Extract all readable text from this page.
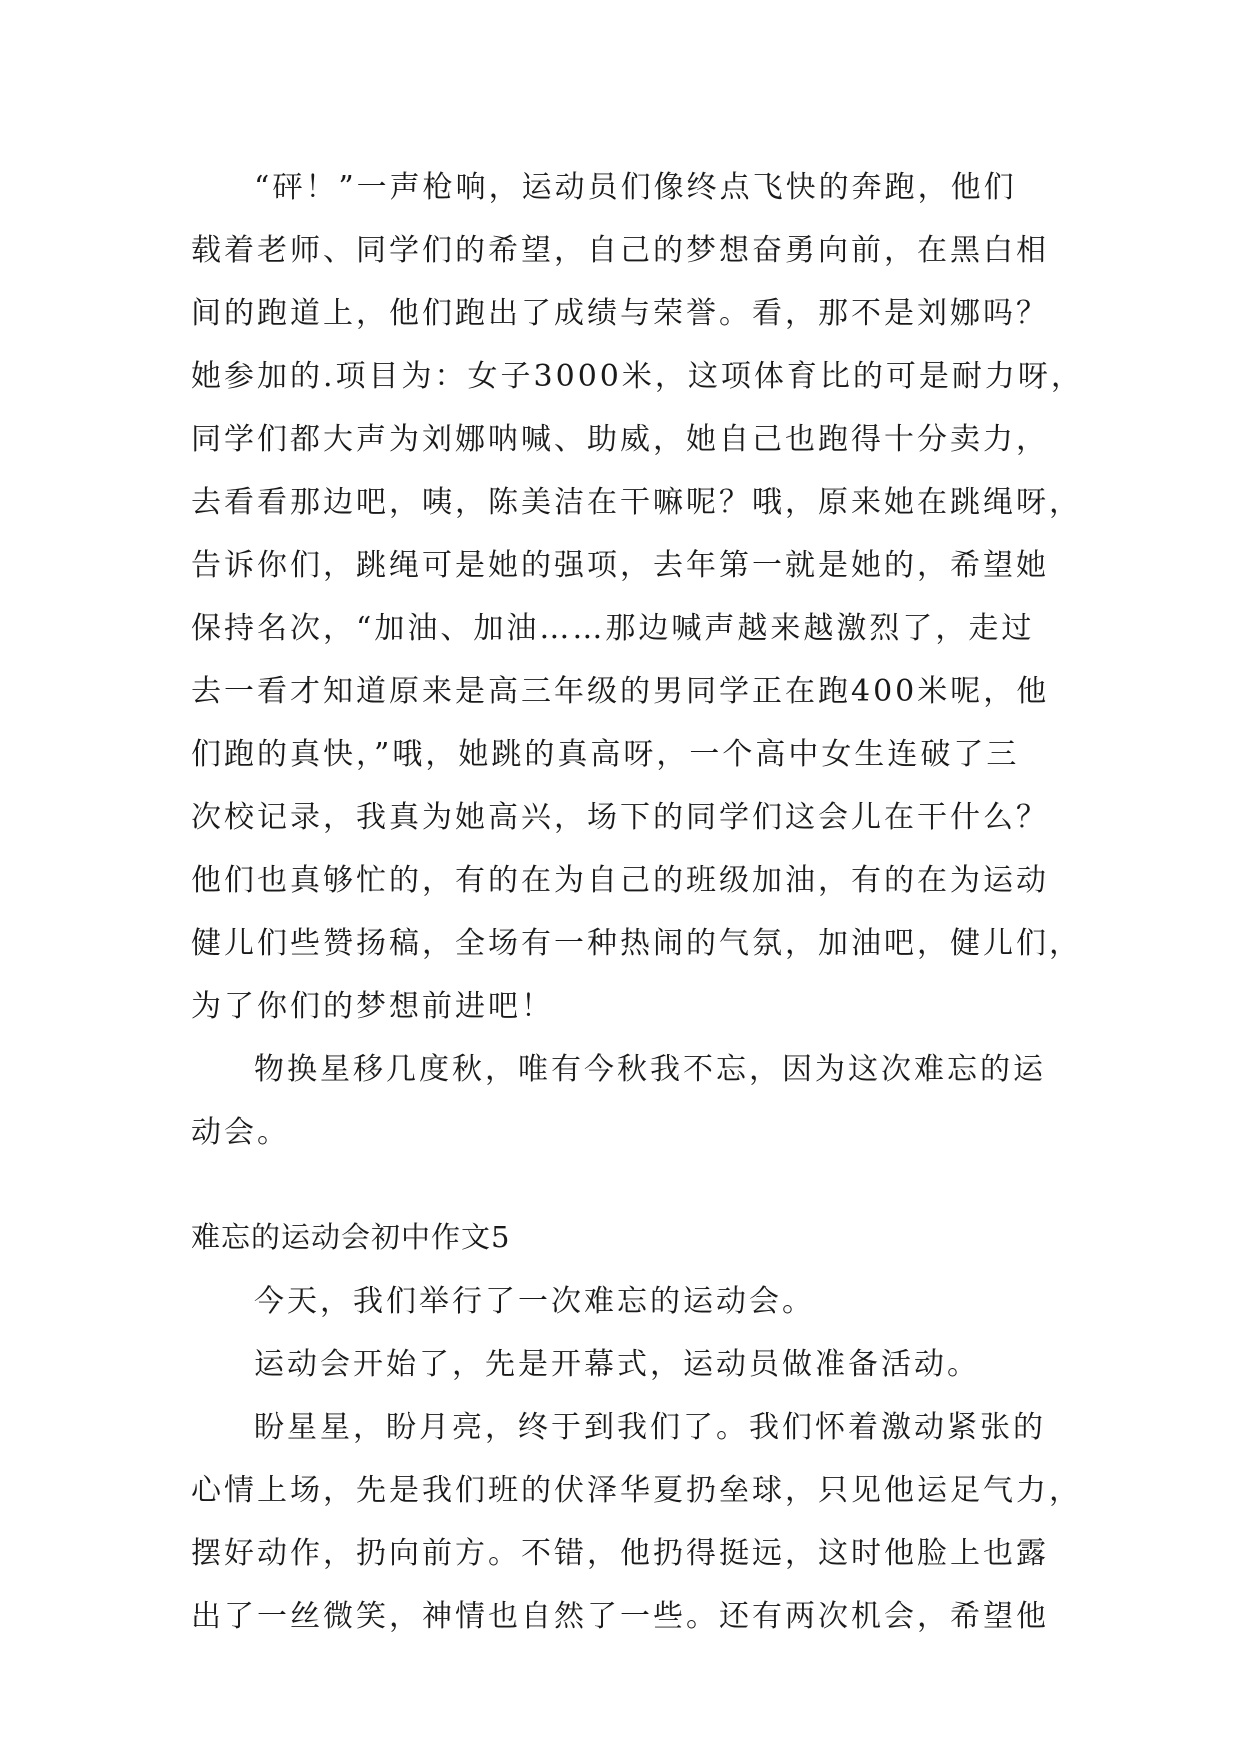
“砰！”一声枪响，运动员们像终点飞快的奔跑，他们
载着老师、同学们的希望，自己的梦想奋勇向前，在黑白相
间的跑道上，他们跑出了成绩与荣誉。看，那不是刘娜吗？
她参加的.项目为：女子3000米，这项体育比的可是耐力呀，
同学们都大声为刘娜呐喊、助威，她自己也跑得十分卖力，
去看看那边吧，咦，陈美洁在干嘛呢？哦，原来她在跳绳呀，
告诉你们，跳绳可是她的强项，去年第一就是她的，希望她
保持名次，“加油、加油……那边喊声越来越激烈了，走过
去一看才知道原来是高三年级的男同学正在跑400米呢，他
们跑的真快，”哦，她跳的真高呀，一个高中女生连破了三
次校记录，我真为她高兴，场下的同学们这会儿在干什么？
他们也真够忙的，有的在为自己的班级加油，有的在为运动
健儿们些赞扬稿，全场有一种热闹的气氛，加油吧，健儿们，
为了你们的梦想前进吧！
物换星移几度秋，唯有今秋我不忘，因为这次难忘的运
动会。
难忘的运动会初中作文5
今天，我们举行了一次难忘的运动会。
运动会开始了，先是开幕式，运动员做准备活动。
盼星星，盼月亮，终于到我们了。我们怀着激动紧张的
心情上场，先是我们班的伏泽华夏扔垒球，只见他运足气力，
摆好动作，扔向前方。不错，他扔得挺远，这时他脸上也露
出了一丝微笑，神情也自然了一些。还有两次机会，希望他
